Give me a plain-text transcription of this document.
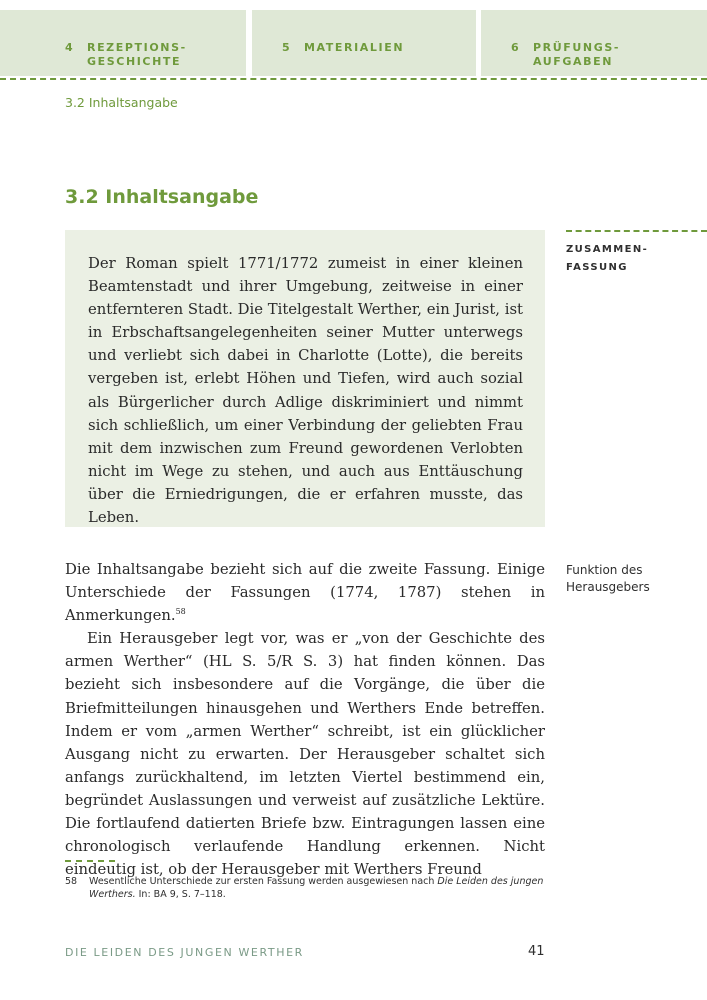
4 REZEPTIONS-
GESCHICHTE
5 MATERIALIEN	6 PRÜFUNGS-
AUFGABEN
3.2 Inhaltsangabe
3.2 Inhaltsangabe
ZUSAMMEN-
FASSUNG

Der Roman spielt 1771/1772 zumeist in einer kleinen Beamtenstadt und ihrer Umgebung, zeitweise in einer entfernteren Stadt. Die Titelgestalt Werther, ein Jurist, ist in Erbschaftsangelegenheiten seiner Mutter unterwegs und verliebt sich dabei in Charlotte (Lotte), die bereits vergeben ist, erlebt Höhen und Tiefen, wird auch sozial als Bürgerlicher durch Adlige diskriminiert und nimmt sich schließlich, um einer Verbindung der geliebten Frau mit dem inzwischen zum Freund gewordenen Verlobten nicht im Wege zu stehen, und auch aus Enttäuschung über die Erniedrigungen, die er erfahren musste, das Leben.

Die Inhaltsangabe bezieht sich auf die zweite Fassung. Einige Unterschiede der Fassungen (1774, 1787) stehen in Anmerkungen.$^{58}$

Ein Herausgeber legt vor, was er „von der Geschichte des armen Werther“ (HL S. 5/R S. 3) hat finden können. Das bezieht sich insbesondere auf die Vorgänge, die über die Briefmitteilungen hinausgehen und Werthers Ende betreffen. Indem er vom „armen Werther“ schreibt, ist ein glücklicher Ausgang nicht zu erwarten. Der Herausgeber schaltet sich anfangs zurückhaltend, im letzten Viertel bestimmend ein, begründet Auslassungen und verweist auf zusätzliche Lektüre. Die fortlaufend datierten Briefe bzw. Eintragungen lassen eine chronologisch verlaufende Handlung erkennen. Nicht eindeutig ist, ob der Herausgeber mit Werthers Freund

Funktion des
Herausgebers
58 Wesentliche Unterschiede zur ersten Fassung werden ausgewiesen nach Die Leiden des jungen Werthers. In: BA 9, S. 7–118.
DIE LEIDEN DES JUNGEN WERTHER	41
